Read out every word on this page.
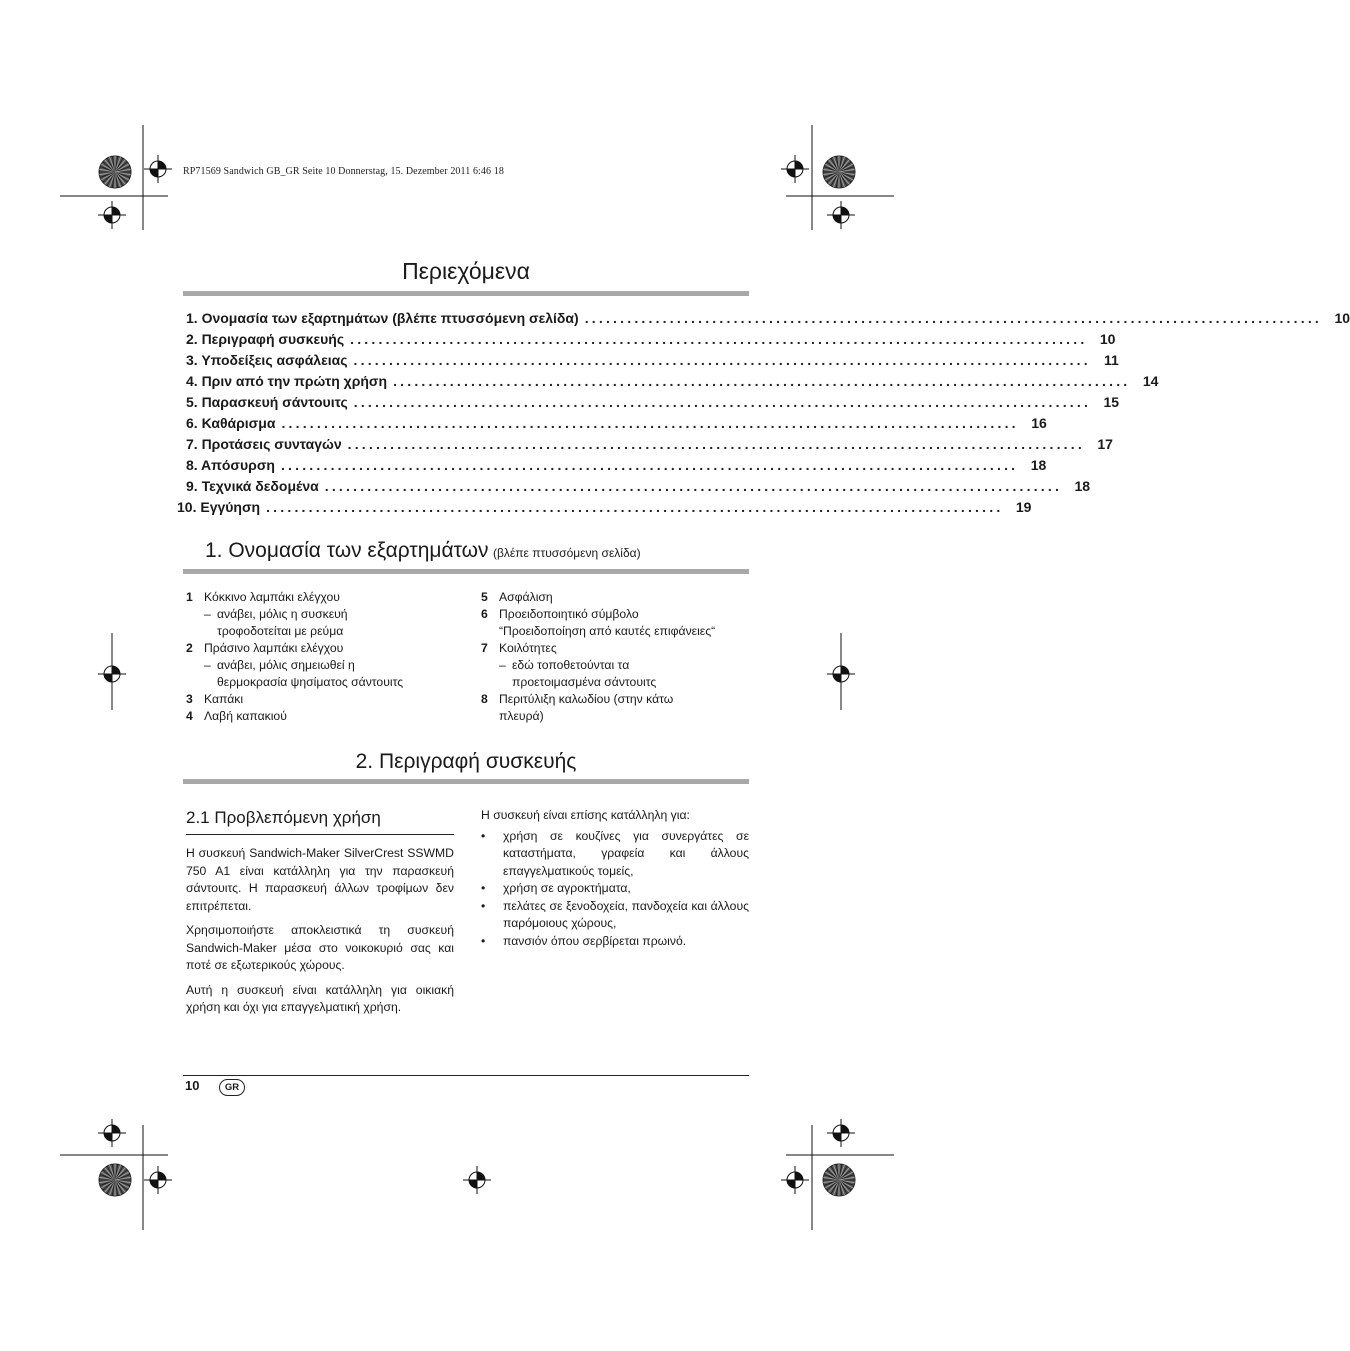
RP71569 Sandwich GB_GR Seite 10 Donnerstag, 15. Dezember 2011 6:46 18
Περιεχόμενα
1. Ονομασία των εξαρτημάτων (βλέπε πτυσσόμενη σελίδα) ........................................................................................................ 10
2. Περιγραφή συσκευής ........................................................................................................ 10
3. Υποδείξεις ασφάλειας ........................................................................................................ 11
4. Πριν από την πρώτη χρήση ........................................................................................................ 14
5. Παρασκευή σάντουιτς ........................................................................................................ 15
6. Καθάρισμα ........................................................................................................ 16
7. Προτάσεις συνταγών ........................................................................................................ 17
8. Απόσυρση ........................................................................................................ 18
9. Τεχνικά δεδομένα ........................................................................................................ 18
10. Εγγύηση ........................................................................................................ 19
1. Ονομασία των εξαρτημάτων (βλέπε πτυσσόμενη σελίδα)
1 Κόκκινο λαμπάκι ελέγχου
– ανάβει, μόλις η συσκευή
τροφοδοτείται με ρεύμα
2 Πράσινο λαμπάκι ελέγχου
– ανάβει, μόλις σημειωθεί η
θερμοκρασία ψησίματος σάντουιτς
3 Καπάκι
4 Λαβή καπακιού
5 Ασφάλιση
6 Προειδοποιητικό σύμβολο
“Προειδοποίηση από καυτές επιφάνειες“
7 Κοιλότητες
– εδώ τοποθετούνται τα
προετοιμασμένα σάντουιτς
8 Περιτύλιξη καλωδίου (στην κάτω
πλευρά)
2. Περιγραφή συσκευής
2.1 Προβλεπόμενη χρήση

Η συσκευή Sandwich-Maker SilverCrest SSWMD 750 A1 είναι κατάλληλη για την παρασκευή σάντουιτς. Η παρασκευή άλλων τροφίμων δεν επιτρέπεται.

Χρησιμοποιήστε αποκλειστικά τη συσκευή Sandwich-Maker μέσα στο νοικοκυριό σας και ποτέ σε εξωτερικούς χώρους.

Αυτή η συσκευή είναι κατάλληλη για οικιακή χρήση και όχι για επαγγελματική χρήση.

Η συσκευή είναι επίσης κατάλληλη για:
•	χρήση σε κουζίνες για συνεργάτες σε καταστήματα, γραφεία και άλλους επαγγελματικούς τομείς,
•	χρήση σε αγροκτήματα,
•	πελάτες σε ξενοδοχεία, πανδοχεία και άλλους παρόμοιους χώρους,
•	πανσιόν όπου σερβίρεται πρωινό.
10	GR
